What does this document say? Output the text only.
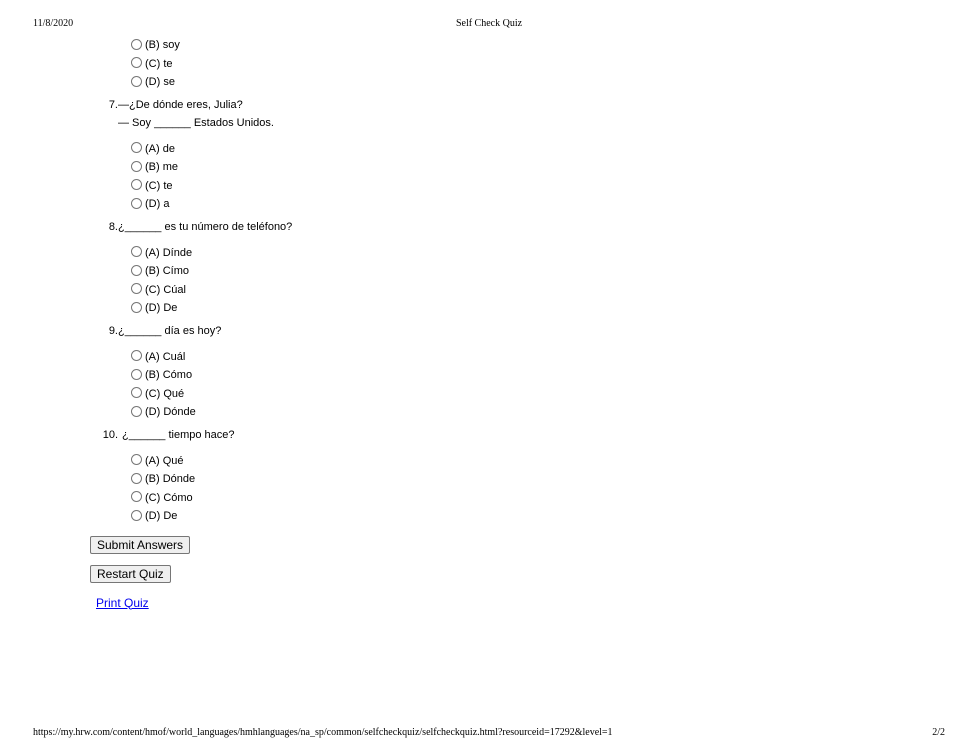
11/8/2020	Self Check Quiz
(B) soy
(C) te
(D) se
7. —¿De dónde eres, Julia?
— Soy ______ Estados Unidos.
(A) de
(B) me
(C) te
(D) a
8. ¿______ es tu número de teléfono?
(A) Dínde
(B) Címo
(C) Cúal
(D) De
9. ¿______ día es hoy?
(A) Cuál
(B) Cómo
(C) Qué
(D) Dónde
10. ¿______ tiempo hace?
(A) Qué
(B) Dónde
(C) Cómo
(D) De
Submit Answers
Restart Quiz
Print Quiz
https://my.hrw.com/content/hmof/world_languages/hmhlanguages/na_sp/common/selfcheckquiz/selfcheckquiz.html?resourceid=17292&level=1	2/2
